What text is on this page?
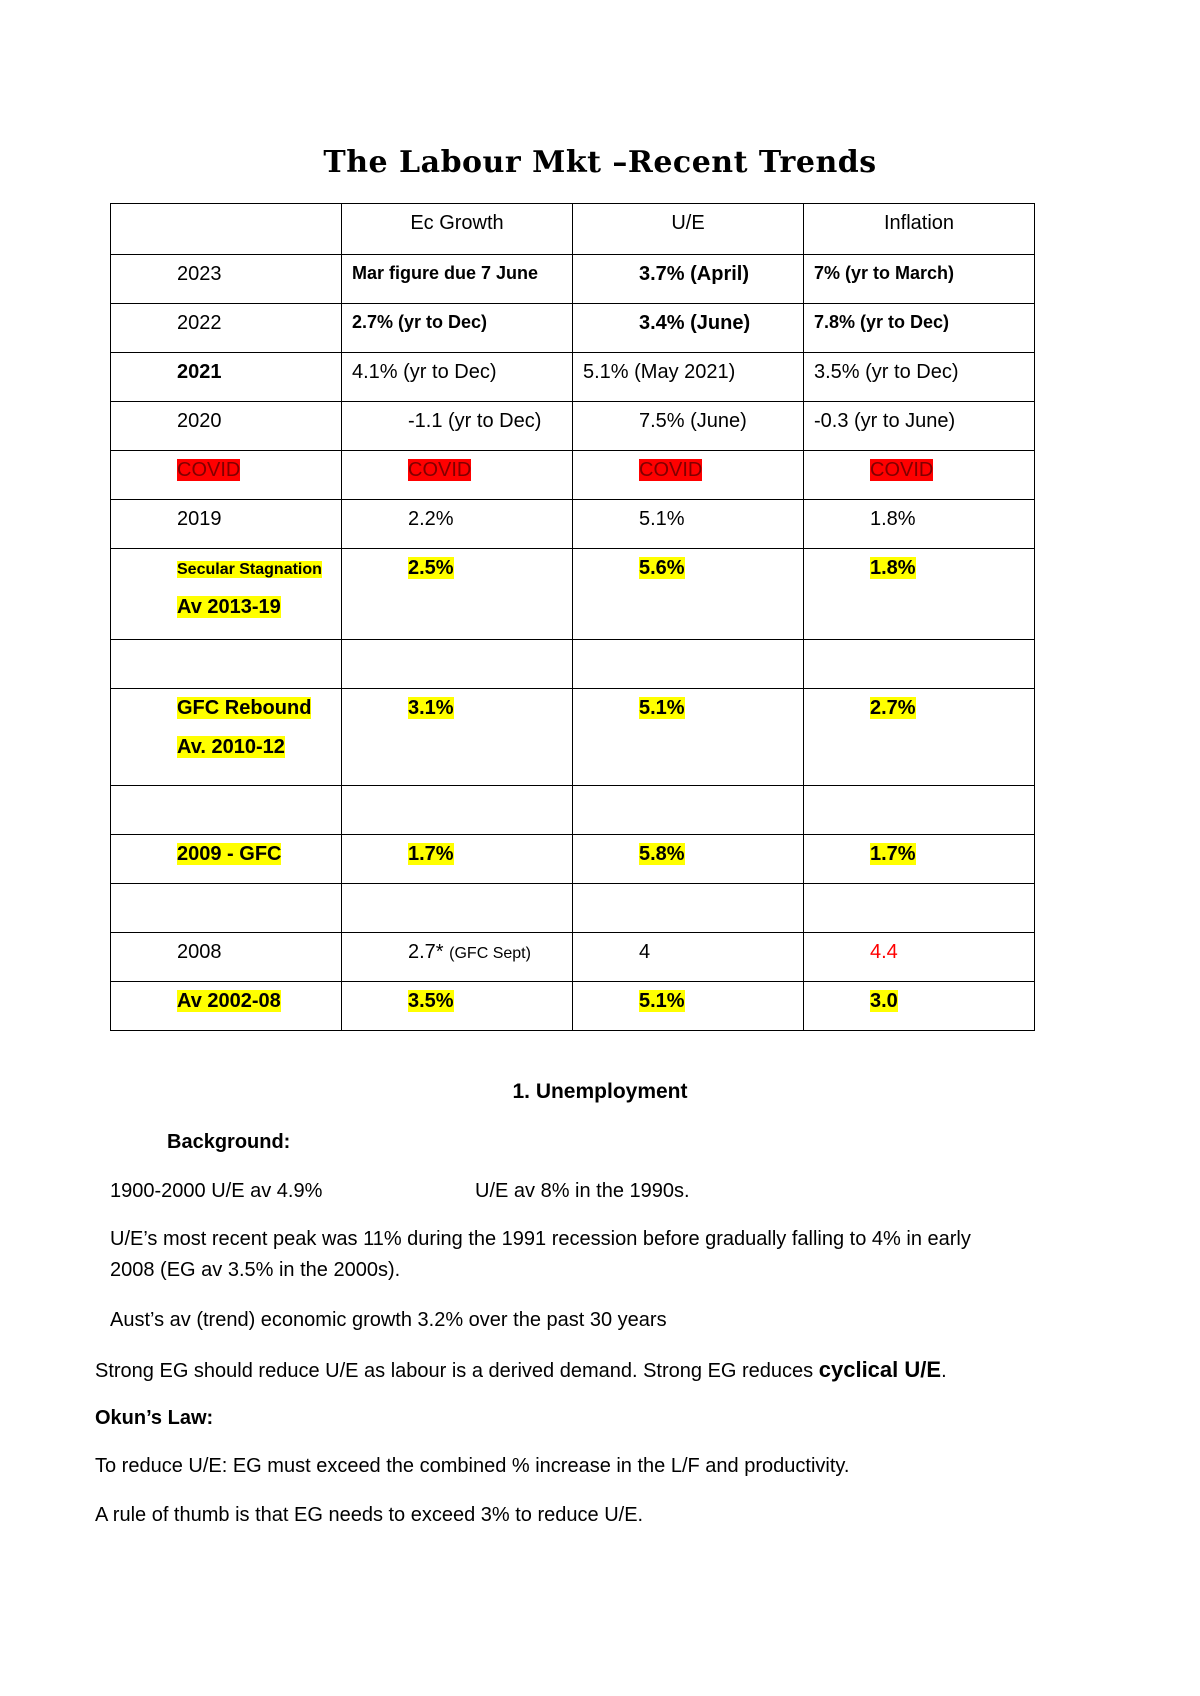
The Labour Mkt –Recent Trends
	Ec Growth	U/E	Inflation
2023	Mar figure due 7 June	3.7% (April)	7% (yr to March)
2022	2.7% (yr to Dec)	3.4% (June)	7.8% (yr to Dec)
2021	4.1% (yr to Dec)	5.1% (May 2021)	3.5% (yr to Dec)
2020	-1.1 (yr to Dec)	7.5% (June)	-0.3 (yr to June)
COVID	COVID	COVID	COVID
2019	2.2%	5.1%	1.8%
Secular Stagnation
Av 2013-19	2.5%	5.6%	1.8%

GFC Rebound
Av. 2010-12	3.1%	5.1%	2.7%

2009 - GFC	1.7%	5.8%	1.7%

2008	2.7* (GFC Sept)	4	4.4
Av 2002-08	3.5%	5.1%	3.0
1. Unemployment
Background:
1900-2000 U/E av 4.9%	U/E av 8% in the 1990s.
U/E’s most recent peak was 11% during the 1991 recession before gradually falling to 4% in early
2008 (EG av 3.5% in the 2000s).
Aust’s av (trend) economic growth 3.2% over the past 30 years
Strong EG should reduce U/E as labour is a derived demand. Strong EG reduces cyclical U/E.
Okun’s Law:
To reduce U/E: EG must exceed the combined % increase in the L/F and productivity.
A rule of thumb is that EG needs to exceed 3% to reduce U/E.
